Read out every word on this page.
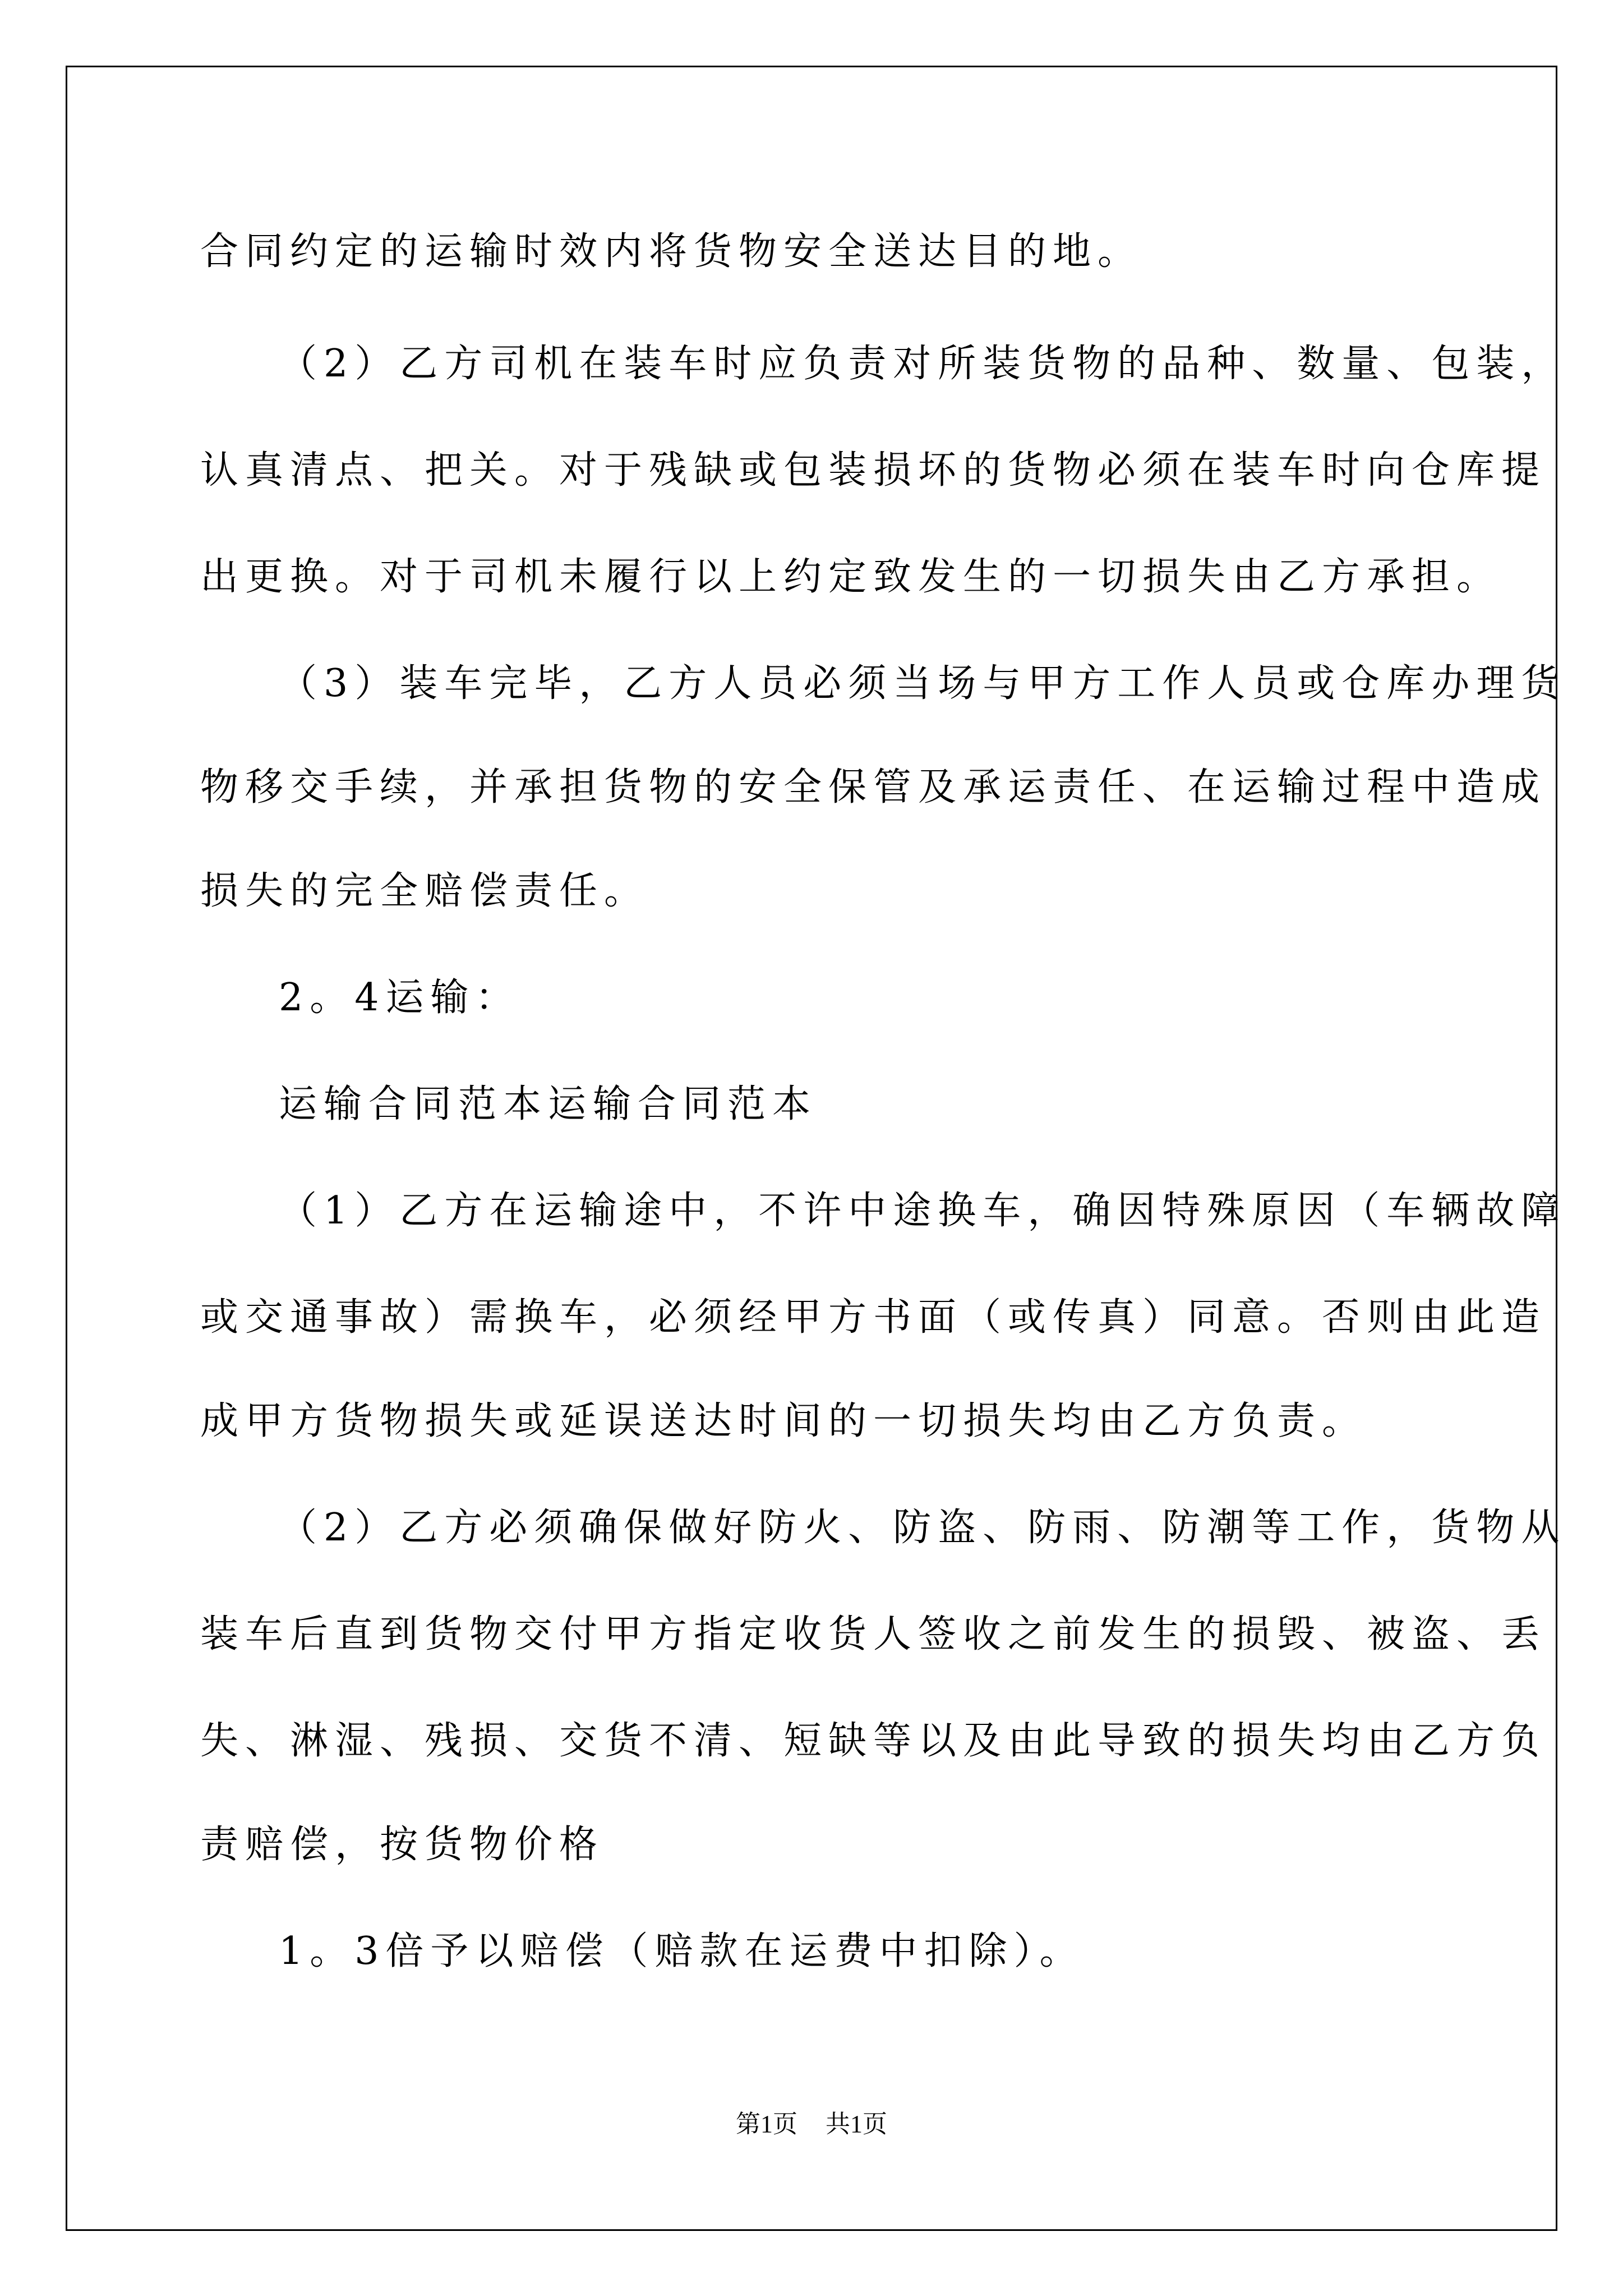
合同约定的运输时效内将货物安全送达目的地。
（2）乙方司机在装车时应负责对所装货物的品种、数量、包装，
认真清点、把关。对于残缺或包装损坏的货物必须在装车时向仓库提
出更换。对于司机未履行以上约定致发生的一切损失由乙方承担。
（3）装车完毕，乙方人员必须当场与甲方工作人员或仓库办理货
物移交手续，并承担货物的安全保管及承运责任、在运输过程中造成
损失的完全赔偿责任。
2。4运输：
运输合同范本运输合同范本
（1）乙方在运输途中，不许中途换车，确因特殊原因（车辆故障
或交通事故）需换车，必须经甲方书面（或传真）同意。否则由此造
成甲方货物损失或延误送达时间的一切损失均由乙方负责。
（2）乙方必须确保做好防火、防盗、防雨、防潮等工作，货物从
装车后直到货物交付甲方指定收货人签收之前发生的损毁、被盗、丢
失、淋湿、残损、交货不清、短缺等以及由此导致的损失均由乙方负
责赔偿，按货物价格
1。3倍予以赔偿（赔款在运费中扣除）。
第1页 共1页
